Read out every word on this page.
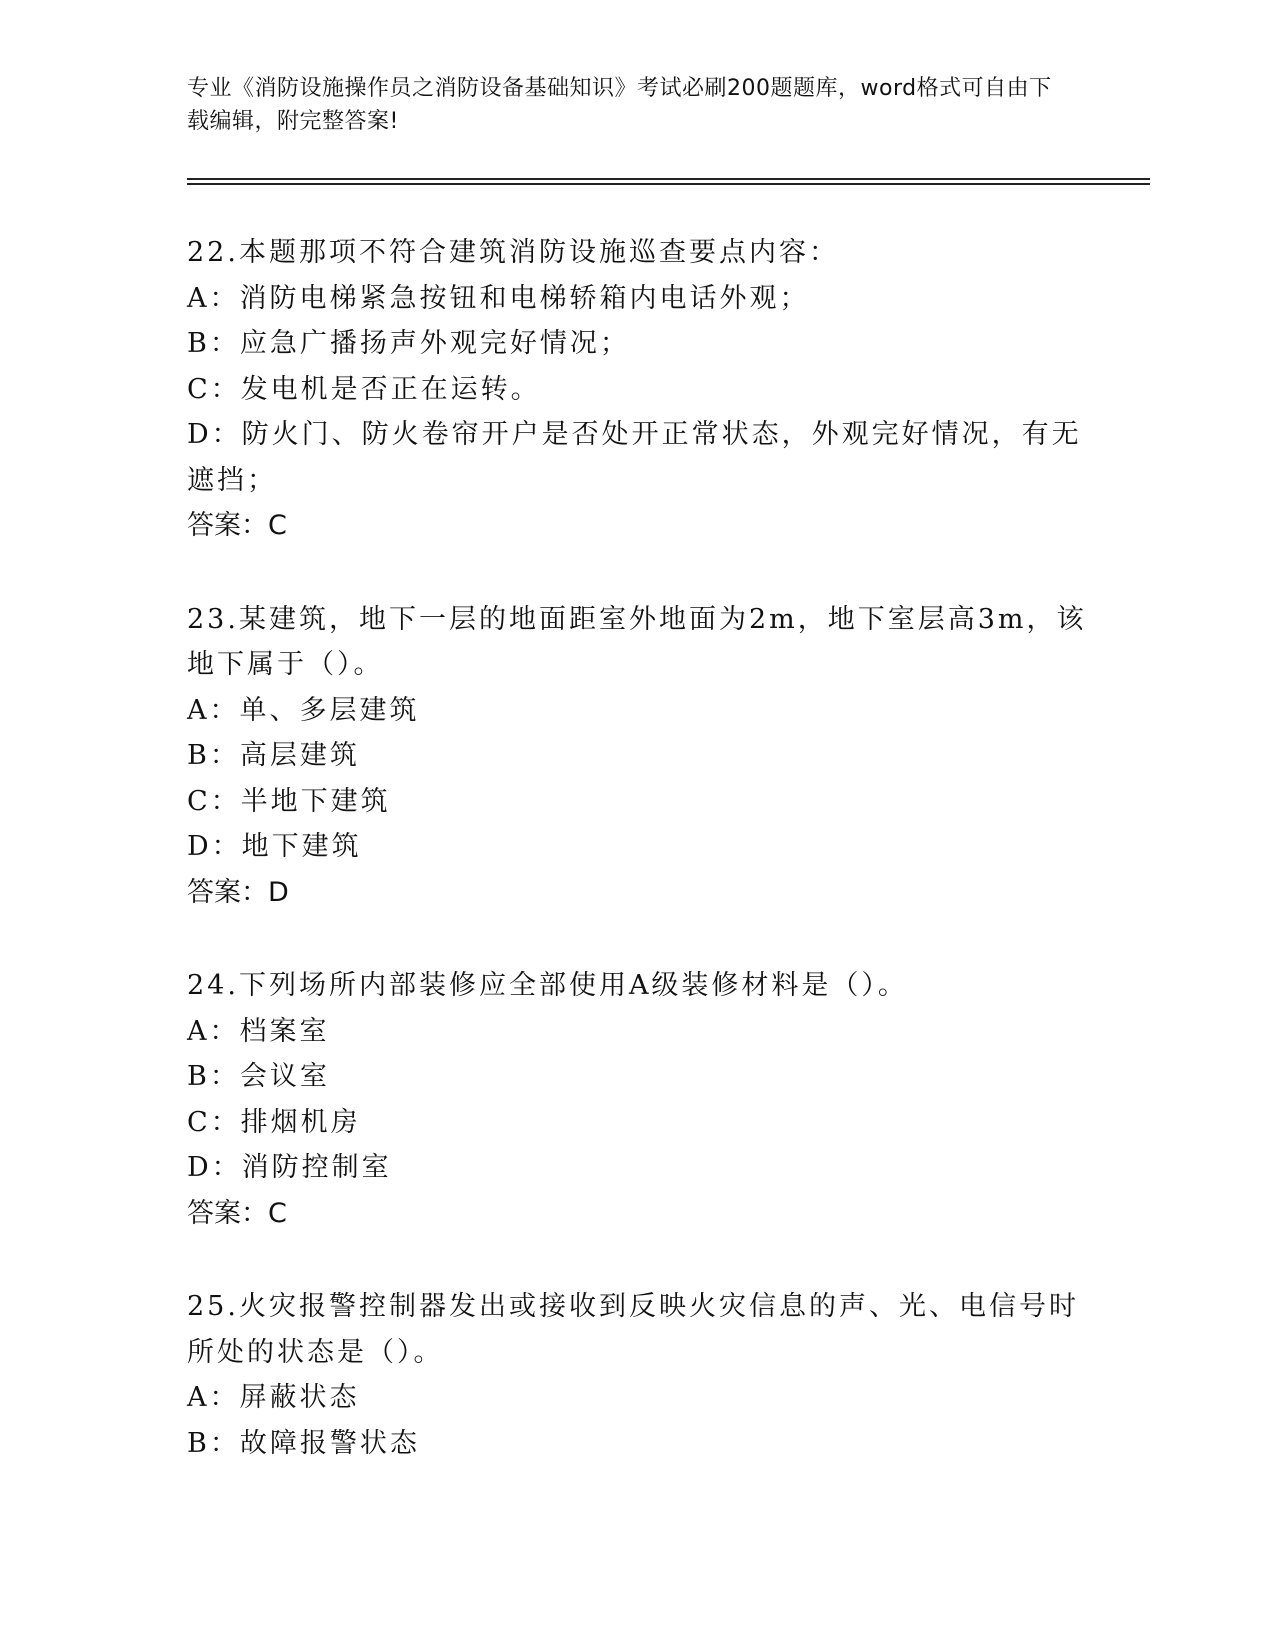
专业《消防设施操作员之消防设备基础知识》考试必刷200题题库，word格式可自由下载编辑，附完整答案!

22.本题那项不符合建筑消防设施巡查要点内容：

A：消防电梯紧急按钮和电梯轿箱内电话外观；

B：应急广播扬声外观完好情况；

C：发电机是否正在运转。

D：防火门、防火卷帘开户是否处开正常状态，外观完好情况，有无遮挡；

答案：C

23.某建筑，地下一层的地面距室外地面为2m，地下室层高3m，该地下属于（）。

A：单、多层建筑

B：高层建筑

C：半地下建筑

D：地下建筑

答案：D

24.下列场所内部装修应全部使用A级装修材料是（）。

A：档案室

B：会议室

C：排烟机房

D：消防控制室

答案：C

25.火灾报警控制器发出或接收到反映火灾信息的声、光、电信号时所处的状态是（）。

A：屏蔽状态

B：故障报警状态
